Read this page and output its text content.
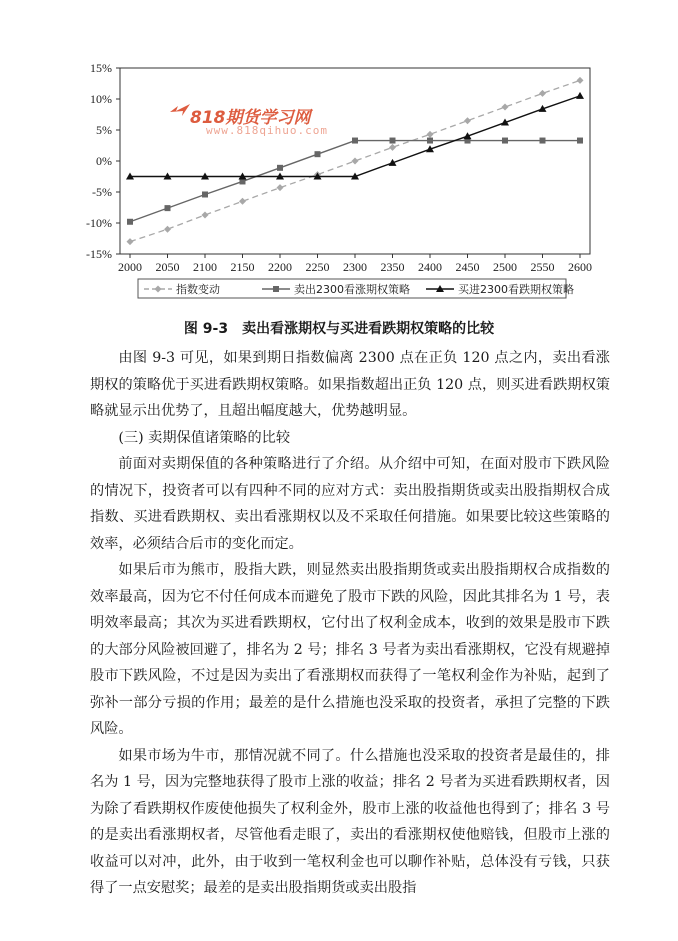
15%
10%
5%
0%
-5%
-10%
-15%
2000 2050 2100 2150 2200 2250 2300 2350 2400 2450 2500 2550 2600
指数变动	卖出2300看涨期权策略	买进2300看跌期权策略
818期货学习网
www.818qihuo.com
图 9-3　卖出看涨期权与买进看跌期权策略的比较

由图 9-3 可见，如果到期日指数偏离 2300 点在正负 120 点之内，卖出看涨期权的策略优于买进看跌期权策略。如果指数超出正负 120 点，则买进看跌期权策略就显示出优势了，且超出幅度越大，优势越明显。

(三) 卖期保值诸策略的比较

前面对卖期保值的各种策略进行了介绍。从介绍中可知，在面对股市下跌风险的情况下，投资者可以有四种不同的应对方式：卖出股指期货或卖出股指期权合成指数、买进看跌期权、卖出看涨期权以及不采取任何措施。如果要比较这些策略的效率，必须结合后市的变化而定。

如果后市为熊市，股指大跌，则显然卖出股指期货或卖出股指期权合成指数的效率最高，因为它不付任何成本而避免了股市下跌的风险，因此其排名为 1 号，表明效率最高；其次为买进看跌期权，它付出了权利金成本，收到的效果是股市下跌的大部分风险被回避了，排名为 2 号；排名 3 号者为卖出看涨期权，它没有规避掉股市下跌风险，不过是因为卖出了看涨期权而获得了一笔权利金作为补贴，起到了弥补一部分亏损的作用；最差的是什么措施也没采取的投资者，承担了完整的下跌风险。

如果市场为牛市，那情况就不同了。什么措施也没采取的投资者是最佳的，排名为 1 号，因为完整地获得了股市上涨的收益；排名 2 号者为买进看跌期权者，因为除了看跌期权作废使他损失了权利金外，股市上涨的收益他也得到了；排名 3 号的是卖出看涨期权者，尽管他看走眼了，卖出的看涨期权使他赔钱，但股市上涨的收益可以对冲，此外，由于收到一笔权利金也可以聊作补贴，总体没有亏钱，只获得了一点安慰奖；最差的是卖出股指期货或卖出股指
